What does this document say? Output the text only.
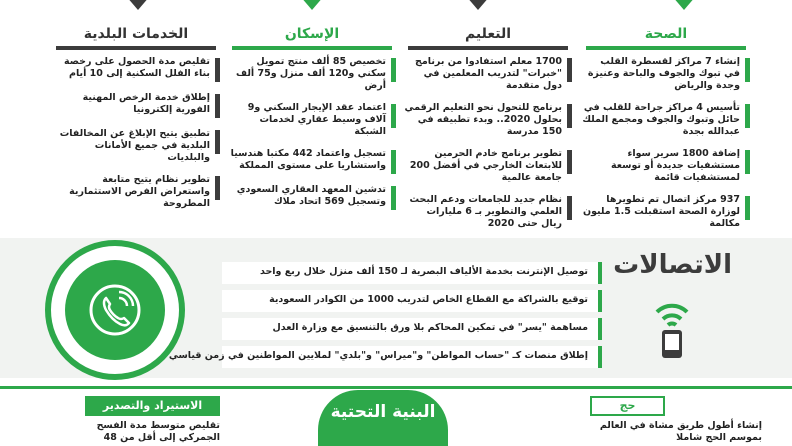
الصحة
إنشاء 7 مراكز لقسطرة القلب في تبوك والجوف والباحة وعنيزة وجدة والرياض
تأسيس 4 مراكز جراحة للقلب في حائل وتبوك والجوف ومجمع الملك عبدالله بجدة
إضافة 1800 سرير سواء مستشفيات جديدة أو توسعة لمستشفيات قائمة
937 مركز اتصال تم تطويرها لوزارة الصحة استقبلت 1.5 مليون مكالمة
التعليم
1700 معلم استفادوا من برنامج "خبرات" لتدريب المعلمين في دول متقدمة
برنامج للتحول نحو التعليم الرقمي بحلول 2020.. وبدء تطبيقه في 150 مدرسة
تطوير برنامج خادم الحرمين للابتعاث الخارجي في أفضل 200 جامعة عالمية
نظام جديد للجامعات ودعم البحث العلمي والتطوير بـ 6 مليارات ريال حتى 2020
الإسكان
تخصيص 85 ألف منتج تمويل سكني و120 ألف منزل و75 ألف أرض
اعتماد عقد الإيجار السكني و9 آلاف وسيط عقاري لخدمات الشبكة
تسجيل واعتماد 442 مكتبا هندسيا واستشاريا على مستوى المملكة
تدشين المعهد العقاري السعودي وتسجيل 569 اتحاد ملاك
الخدمات البلدية
تقليص مدة الحصول على رخصة بناء الفلل السكنية إلى 10 أيام
إطلاق خدمة الرخص المهنية الفورية إلكترونيا
تطبيق يتيح الإبلاغ عن المخالفات البلدية في جميع الأمانات والبلديات
تطوير نظام يتيح متابعة واستعراض الفرص الاستثمارية المطروحة
الاتصالات
توصيل الإنترنت بخدمة الألياف البصرية لـ 150 ألف منزل خلال ربع واحد
توقيع بالشراكة مع القطاع الخاص لتدريب 1000 من الكوادر السعودية
مساهمة "يسر" في تمكين المحاكم بلا ورق بالتنسيق مع وزارة العدل
إطلاق منصات كـ "حساب المواطن" و"ميراس" و"بلدي" لملايين المواطنين في زمن قياسي
البنية التحتية
الاستيراد والتصدير
تقليص متوسط مدة الفسح الجمركي إلى أقل من 48
حج
إنشاء أطول طريق مشاة في العالم بموسم الحج شاملا
